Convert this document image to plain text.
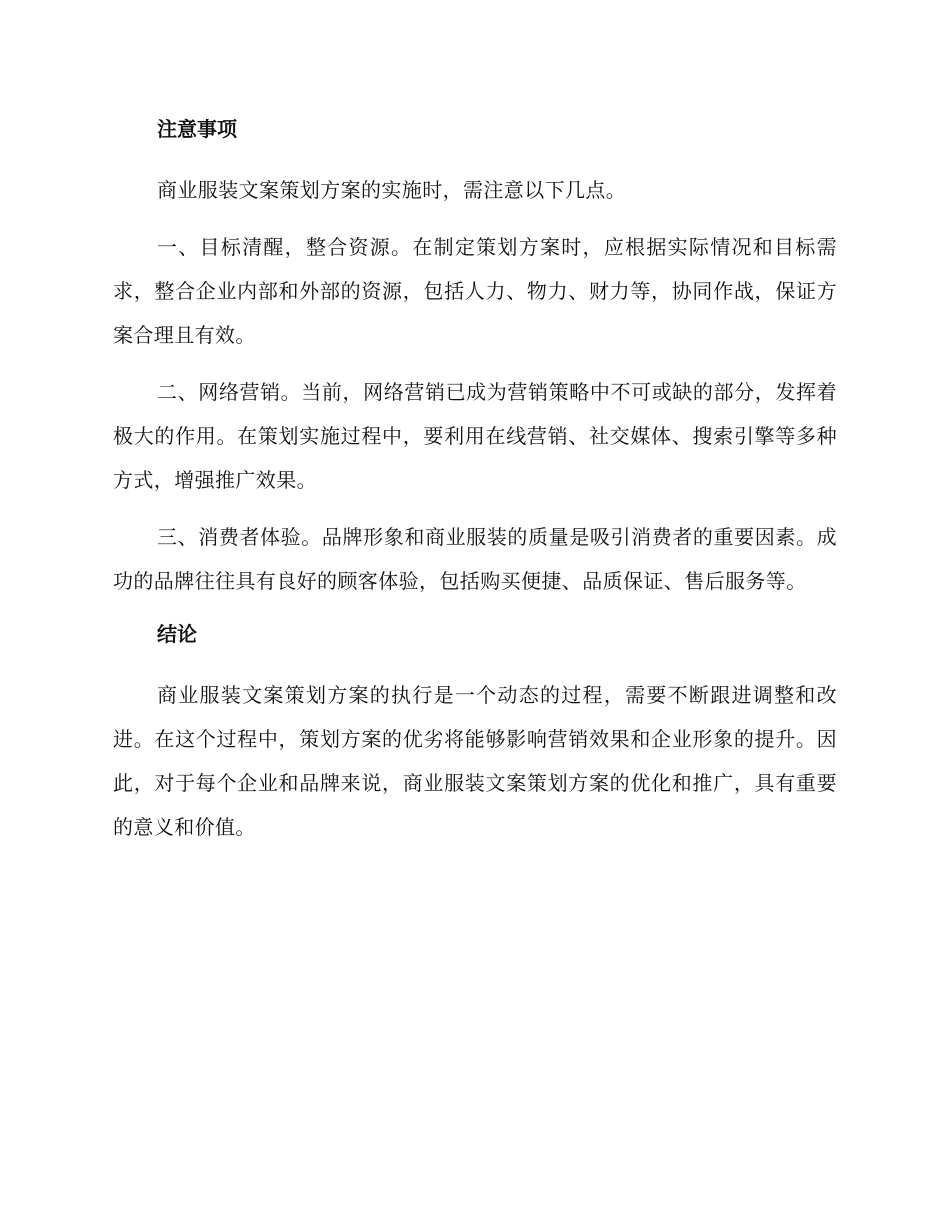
注意事项

商业服装文案策划方案的实施时，需注意以下几点。

一、目标清醒，整合资源。在制定策划方案时，应根据实际情况和目标需求，整合企业内部和外部的资源，包括人力、物力、财力等，协同作战，保证方案合理且有效。

二、网络营销。当前，网络营销已成为营销策略中不可或缺的部分，发挥着极大的作用。在策划实施过程中，要利用在线营销、社交媒体、搜索引擎等多种方式，增强推广效果。

三、消费者体验。品牌形象和商业服装的质量是吸引消费者的重要因素。成功的品牌往往具有良好的顾客体验，包括购买便捷、品质保证、售后服务等。

结论

商业服装文案策划方案的执行是一个动态的过程，需要不断跟进调整和改进。在这个过程中，策划方案的优劣将能够影响营销效果和企业形象的提升。因此，对于每个企业和品牌来说，商业服装文案策划方案的优化和推广，具有重要的意义和价值。
